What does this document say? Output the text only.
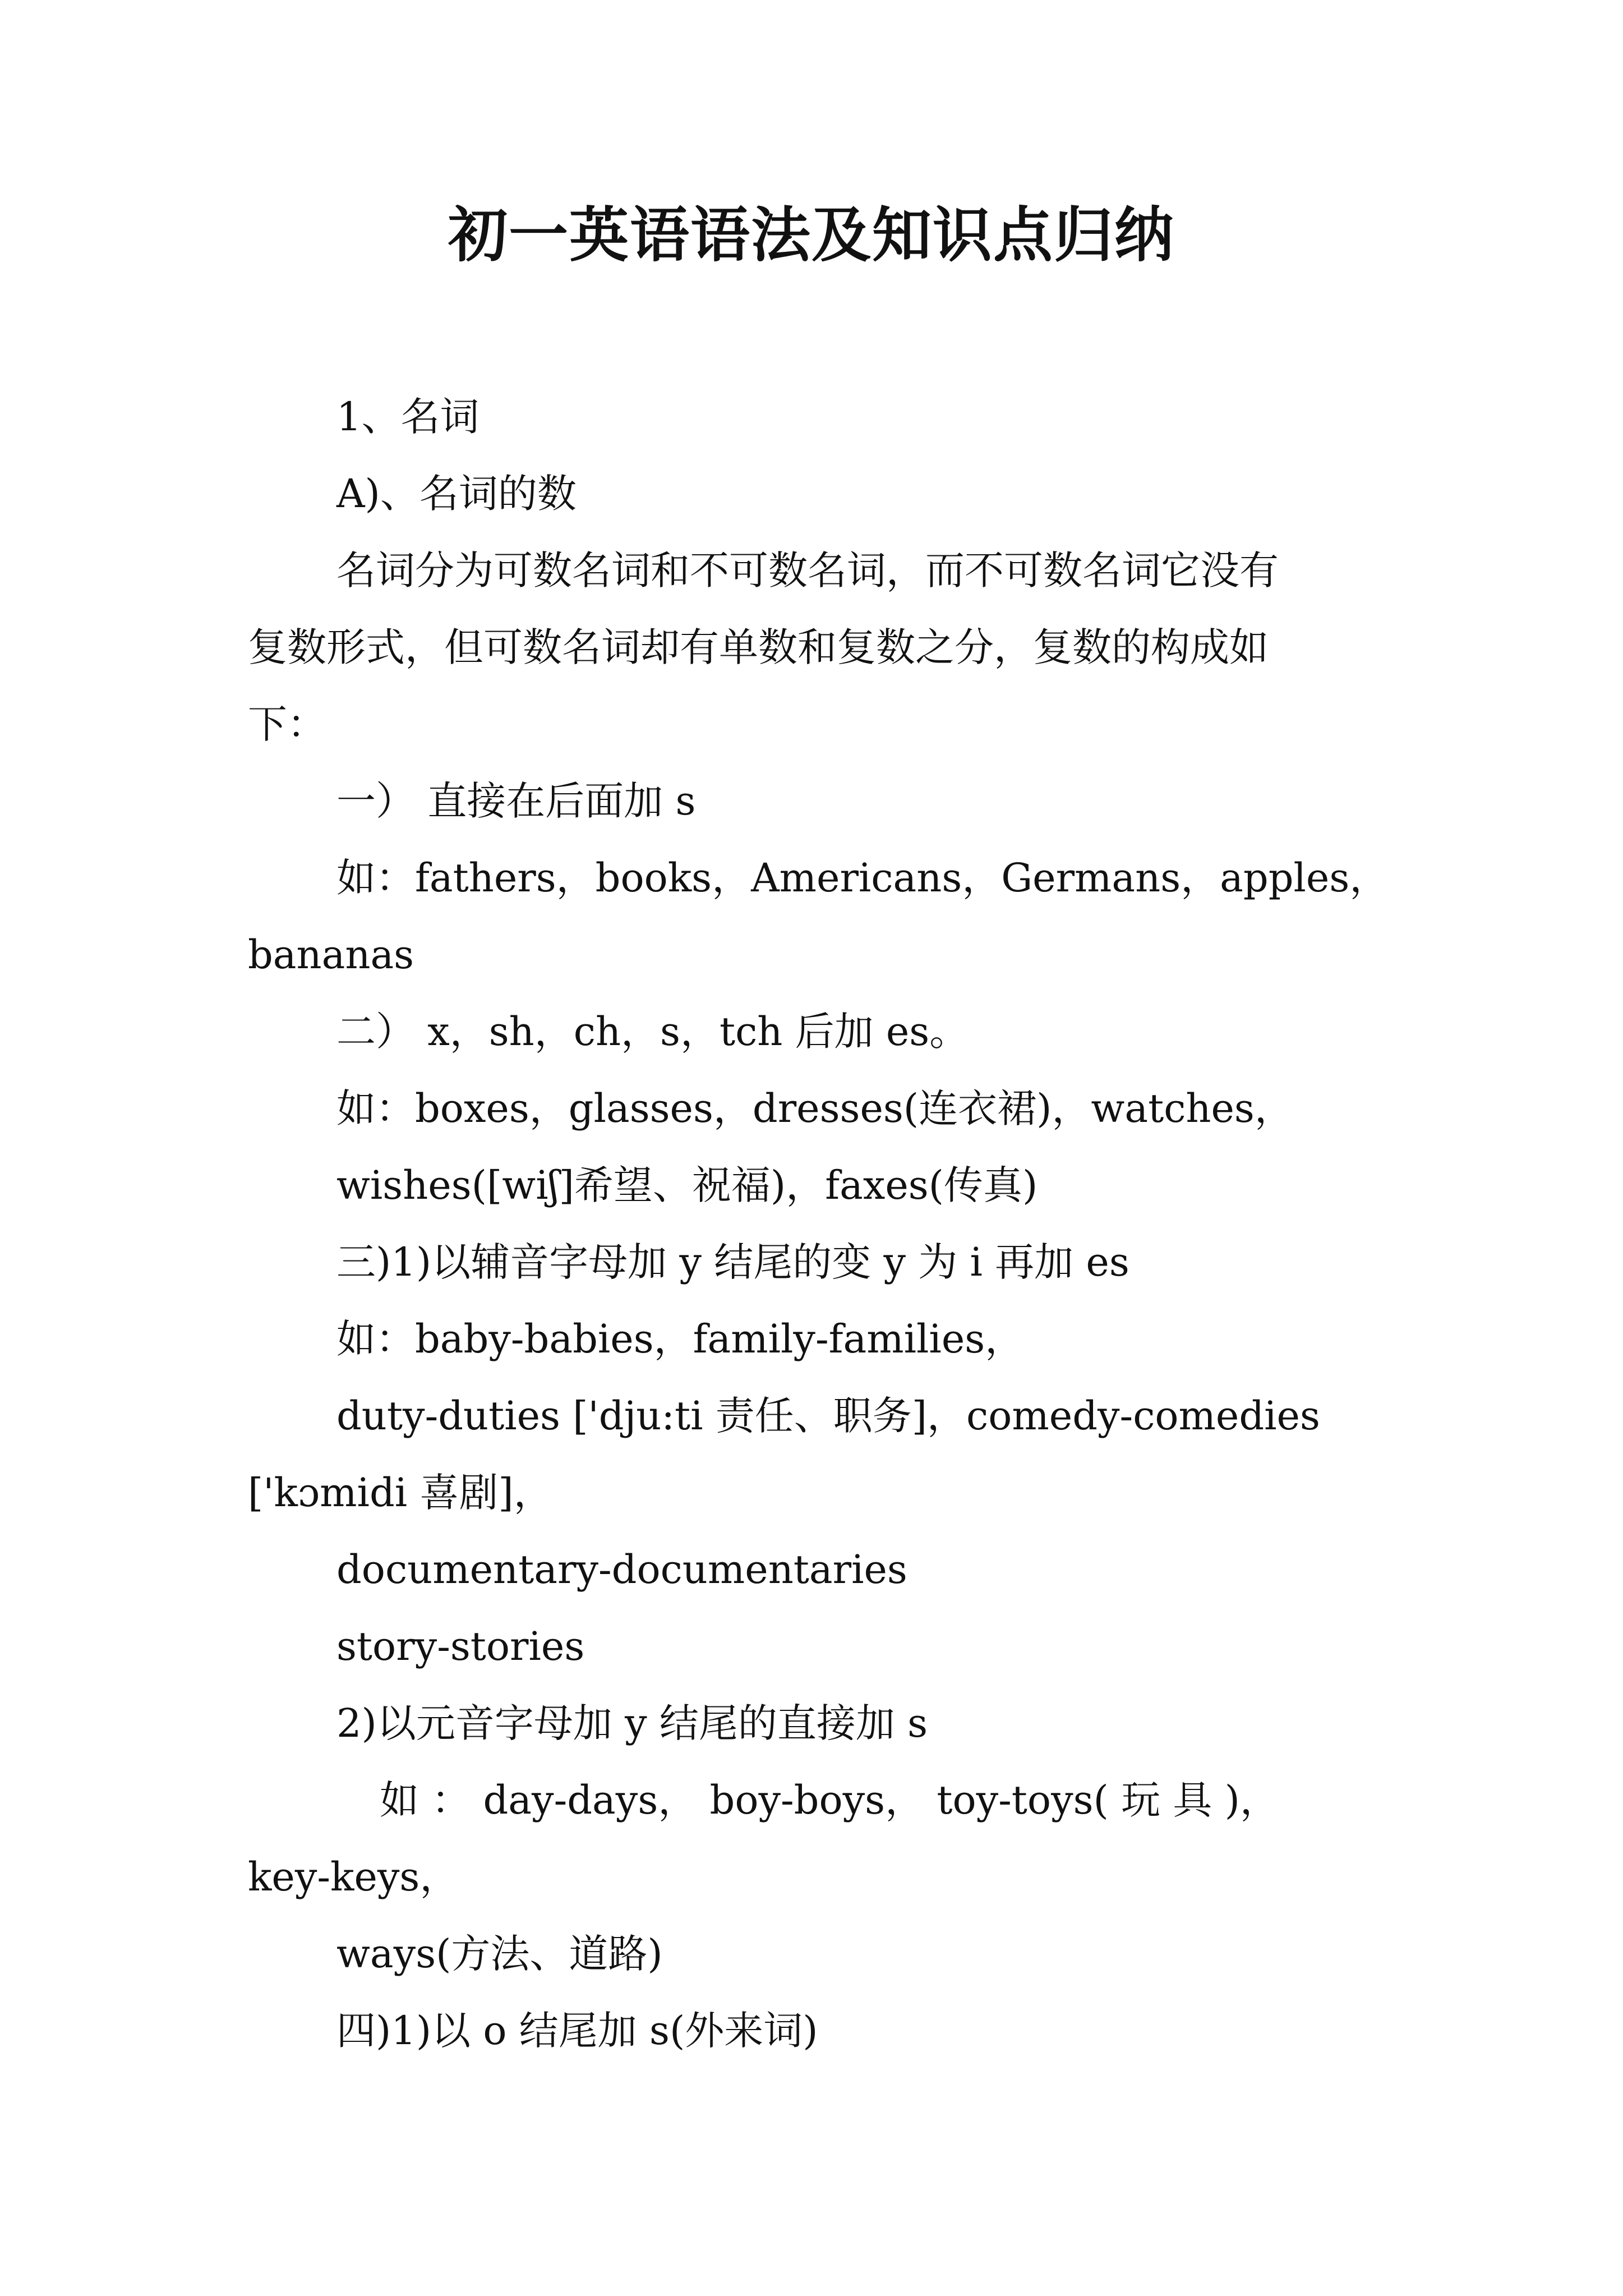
初一英语语法及知识点归纳
1、名词
A)、名词的数
名词分为可数名词和不可数名词，而不可数名词它没有
复数形式，但可数名词却有单数和复数之分，复数的构成如
下：
一） 直接在后面加 s
如：fathers，books，Americans，Germans，apples，
bananas
二） x，sh，ch，s，tch 后加 es。
如：boxes，glasses，dresses(连衣裙)，watches，
wishes([wiʃ]希望、祝福)，faxes(传真)
三)1)以辅音字母加 y 结尾的变 y 为 i 再加 es
如：baby-babies，family-families，
duty-duties ['dju:ti 责任、职务]，comedy-comedies
['kɔmidi 喜剧]，
documentary-documentaries
story-stories
2)以元音字母加 y 结尾的直接加 s
如 ： day-days， boy-boys， toy-toys( 玩 具 )，
key-keys，
ways(方法、道路)
四)1)以 o 结尾加 s(外来词)
